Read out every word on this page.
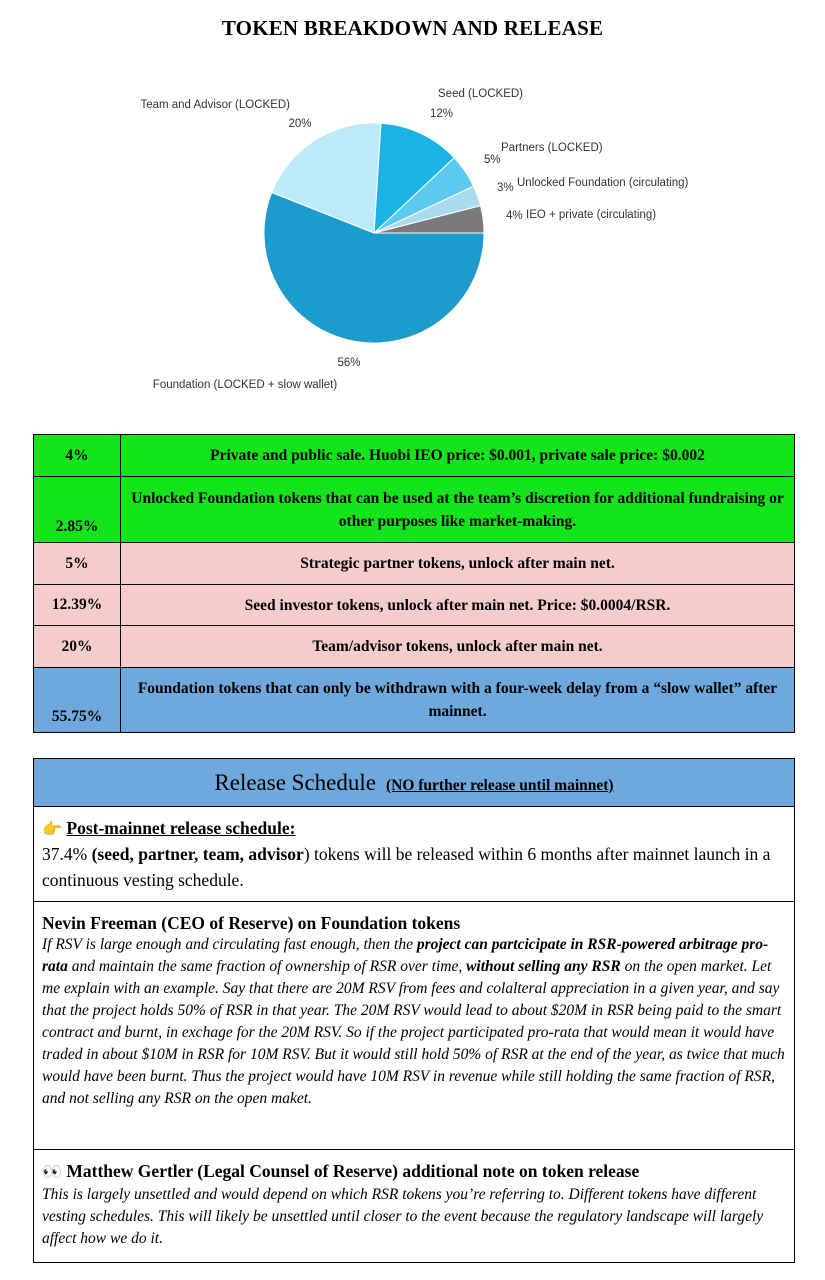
TOKEN BREAKDOWN AND RELEASE
4% IEO + private (circulating)
3% Unlocked Foundation (circulating)
5%
Partners (LOCKED)
12%
Seed (LOCKED)
20%
Team and Advisor (LOCKED)
56%
Foundation (LOCKED + slow wallet)
4%	Private and public sale. Huobi IEO price: $0.001, private sale price: $0.002
2.85%	Unlocked Foundation tokens that can be used at the team’s discretion for additional fundraising or other purposes like market-making.
5%	Strategic partner tokens, unlock after main net.
12.39%	Seed investor tokens, unlock after main net. Price: $0.0004/RSR.
20%	Team/advisor tokens, unlock after main net.
55.75%	Foundation tokens that can only be withdrawn with a four-week delay from a “slow wallet” after mainnet.
Release Schedule (NO further release until mainnet)
👉 Post-mainnet release schedule:
37.4% (seed, partner, team, advisor) tokens will be released within 6 months after mainnet launch in a continuous vesting schedule.
Nevin Freeman (CEO of Reserve) on Foundation tokens
If RSV is large enough and circulating fast enough, then the project can partcicipate in RSR-powered arbitrage pro-rata and maintain the same fraction of ownership of RSR over time, without selling any RSR on the open market. Let me explain with an example. Say that there are 20M RSV from fees and colalteral appreciation in a given year, and say that the project holds 50% of RSR in that year. The 20M RSV would lead to about $20M in RSR being paid to the smart contract and burnt, in exchage for the 20M RSV. So if the project participated pro-rata that would mean it would have traded in about $10M in RSR for 10M RSV. But it would still hold 50% of RSR at the end of the year, as twice that much would have been burnt. Thus the project would have 10M RSV in revenue while still holding the same fraction of RSR, and not selling any RSR on the open maket.
👀 Matthew Gertler (Legal Counsel of Reserve) additional note on token release
This is largely unsettled and would depend on which RSR tokens you’re referring to. Different tokens have different vesting schedules. This will likely be unsettled until closer to the event because the regulatory landscape will largely affect how we do it.
